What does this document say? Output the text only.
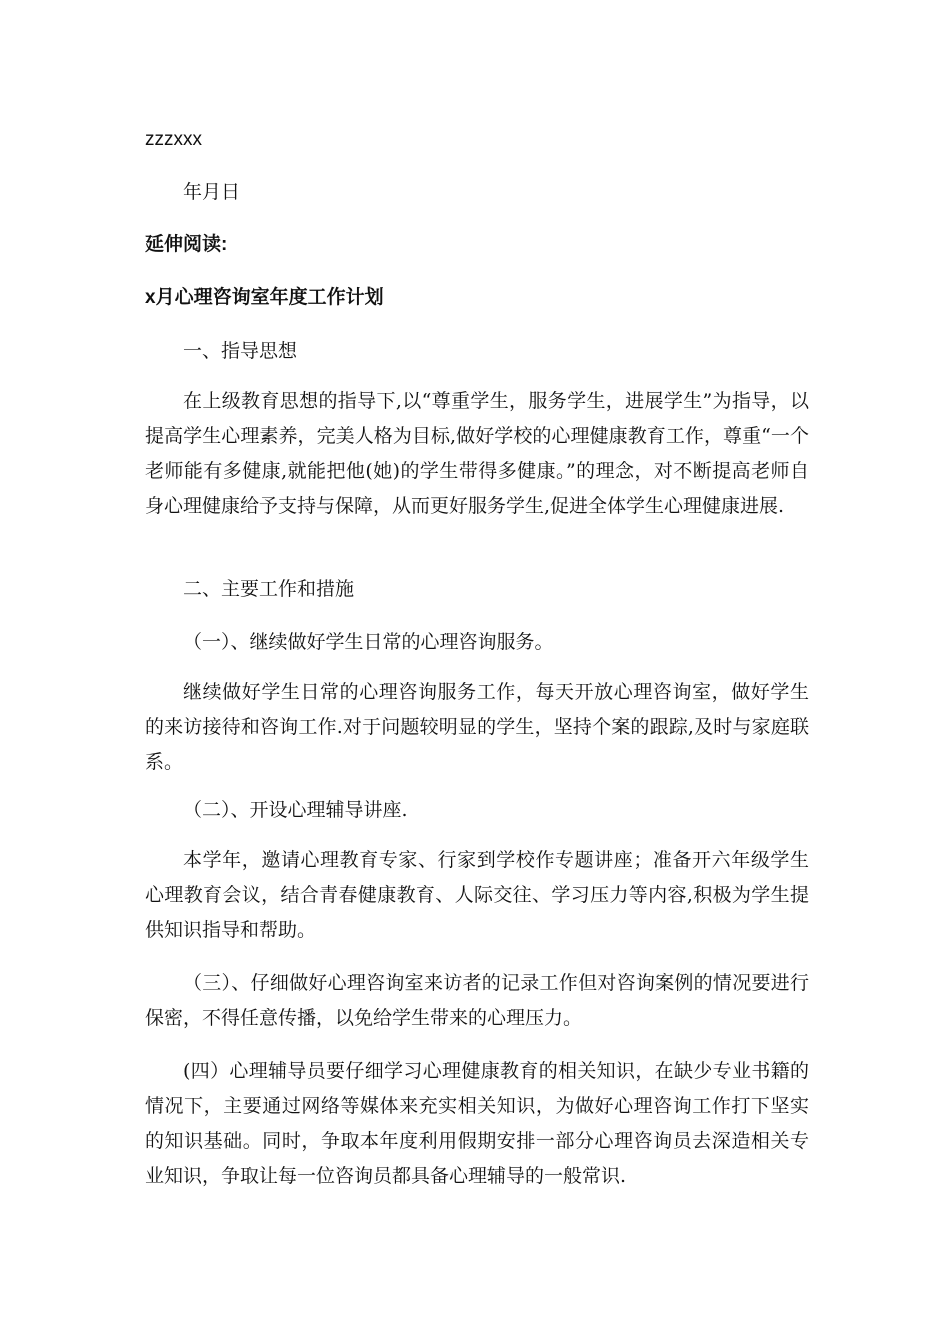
zzzxxx
年月日
延伸阅读:
x月心理咨询室年度工作计划
一、指导思想
在上级教育思想的指导下,以“尊重学生，服务学生，进展学生”为指导，以提高学生心理素养，完美人格为目标,做好学校的心理健康教育工作，尊重“一个老师能有多健康,就能把他(她)的学生带得多健康。”的理念，对不断提高老师自身心理健康给予支持与保障，从而更好服务学生,促进全体学生心理健康进展.
二、主要工作和措施
（一）、继续做好学生日常的心理咨询服务。
继续做好学生日常的心理咨询服务工作，每天开放心理咨询室，做好学生的来访接待和咨询工作.对于问题较明显的学生，坚持个案的跟踪,及时与家庭联系。
（二）、开设心理辅导讲座.
本学年，邀请心理教育专家、行家到学校作专题讲座；准备开六年级学生心理教育会议，结合青春健康教育、人际交往、学习压力等内容,积极为学生提供知识指导和帮助。
（三）、仔细做好心理咨询室来访者的记录工作但对咨询案例的情况要进行保密，不得任意传播，以免给学生带来的心理压力。
(四）心理辅导员要仔细学习心理健康教育的相关知识，在缺少专业书籍的情况下，主要通过网络等媒体来充实相关知识，为做好心理咨询工作打下坚实的知识基础。同时，争取本年度利用假期安排一部分心理咨询员去深造相关专业知识，争取让每一位咨询员都具备心理辅导的一般常识.
